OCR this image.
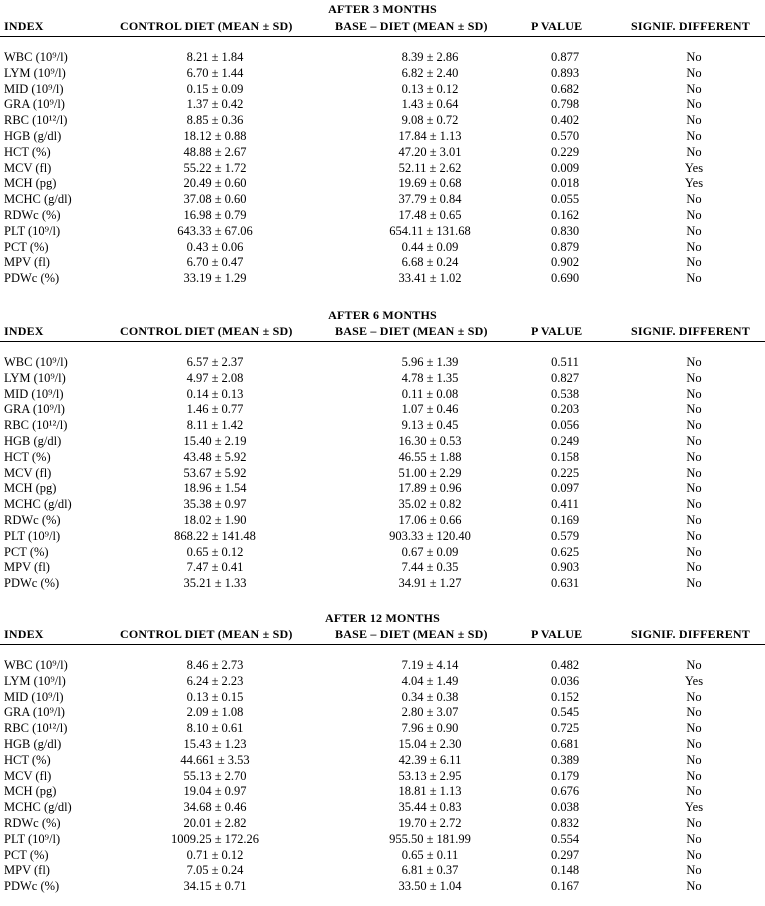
AFTER 3 MONTHS
INDEX	CONTROL DIET (MEAN ± SD)	BASE – DIET (MEAN ± SD)	P VALUE	SIGNIF. DIFFERENT
WBC (10⁹/l)	8.21 ± 1.84	8.39 ± 2.86	0.877	No
LYM (10⁹/l)	6.70 ± 1.44	6.82 ± 2.40	0.893	No
MID (10⁹/l)	0.15 ± 0.09	0.13 ± 0.12	0.682	No
GRA (10⁹/l)	1.37 ± 0.42	1.43 ± 0.64	0.798	No
RBC (10¹²/l)	8.85 ± 0.36	9.08 ± 0.72	0.402	No
HGB (g/dl)	18.12 ± 0.88	17.84 ± 1.13	0.570	No
HCT (%)	48.88 ± 2.67	47.20 ± 3.01	0.229	No
MCV (fl)	55.22 ± 1.72	52.11 ± 2.62	0.009	Yes
MCH (pg)	20.49 ± 0.60	19.69 ± 0.68	0.018	Yes
MCHC (g/dl)	37.08 ± 0.60	37.79 ± 0.84	0.055	No
RDWc (%)	16.98 ± 0.79	17.48 ± 0.65	0.162	No
PLT (10⁹/l)	643.33 ± 67.06	654.11 ± 131.68	0.830	No
PCT (%)	0.43 ± 0.06	0.44 ± 0.09	0.879	No
MPV (fl)	6.70 ± 0.47	6.68 ± 0.24	0.902	No
PDWc (%)	33.19 ± 1.29	33.41 ± 1.02	0.690	No
AFTER 6 MONTHS
INDEX	CONTROL DIET (MEAN ± SD)	BASE – DIET (MEAN ± SD)	P VALUE	SIGNIF. DIFFERENT
WBC (10⁹/l)	6.57 ± 2.37	5.96 ± 1.39	0.511	No
LYM (10⁹/l)	4.97 ± 2.08	4.78 ± 1.35	0.827	No
MID (10⁹/l)	0.14 ± 0.13	0.11 ± 0.08	0.538	No
GRA (10⁹/l)	1.46 ± 0.77	1.07 ± 0.46	0.203	No
RBC (10¹²/l)	8.11 ± 1.42	9.13 ± 0.45	0.056	No
HGB (g/dl)	15.40 ± 2.19	16.30 ± 0.53	0.249	No
HCT (%)	43.48 ± 5.92	46.55 ± 1.88	0.158	No
MCV (fl)	53.67 ± 5.92	51.00 ± 2.29	0.225	No
MCH (pg)	18.96 ± 1.54	17.89 ± 0.96	0.097	No
MCHC (g/dl)	35.38 ± 0.97	35.02 ± 0.82	0.411	No
RDWc (%)	18.02 ± 1.90	17.06 ± 0.66	0.169	No
PLT (10⁹/l)	868.22 ± 141.48	903.33 ± 120.40	0.579	No
PCT (%)	0.65 ± 0.12	0.67 ± 0.09	0.625	No
MPV (fl)	7.47 ± 0.41	7.44 ± 0.35	0.903	No
PDWc (%)	35.21 ± 1.33	34.91 ± 1.27	0.631	No
AFTER 12 MONTHS
INDEX	CONTROL DIET (MEAN ± SD)	BASE – DIET (MEAN ± SD)	P VALUE	SIGNIF. DIFFERENT
WBC (10⁹/l)	8.46 ± 2.73	7.19 ± 4.14	0.482	No
LYM (10⁹/l)	6.24 ± 2.23	4.04 ± 1.49	0.036	Yes
MID (10⁹/l)	0.13 ± 0.15	0.34 ± 0.38	0.152	No
GRA (10⁹/l)	2.09 ± 1.08	2.80 ± 3.07	0.545	No
RBC (10¹²/l)	8.10 ± 0.61	7.96 ± 0.90	0.725	No
HGB (g/dl)	15.43 ± 1.23	15.04 ± 2.30	0.681	No
HCT (%)	44.661 ± 3.53	42.39 ± 6.11	0.389	No
MCV (fl)	55.13 ± 2.70	53.13 ± 2.95	0.179	No
MCH (pg)	19.04 ± 0.97	18.81 ± 1.13	0.676	No
MCHC (g/dl)	34.68 ± 0.46	35.44 ± 0.83	0.038	Yes
RDWc (%)	20.01 ± 2.82	19.70 ± 2.72	0.832	No
PLT (10⁹/l)	1009.25 ± 172.26	955.50 ± 181.99	0.554	No
PCT (%)	0.71 ± 0.12	0.65 ± 0.11	0.297	No
MPV (fl)	7.05 ± 0.24	6.81 ± 0.37	0.148	No
PDWc (%)	34.15 ± 0.71	33.50 ± 1.04	0.167	No
